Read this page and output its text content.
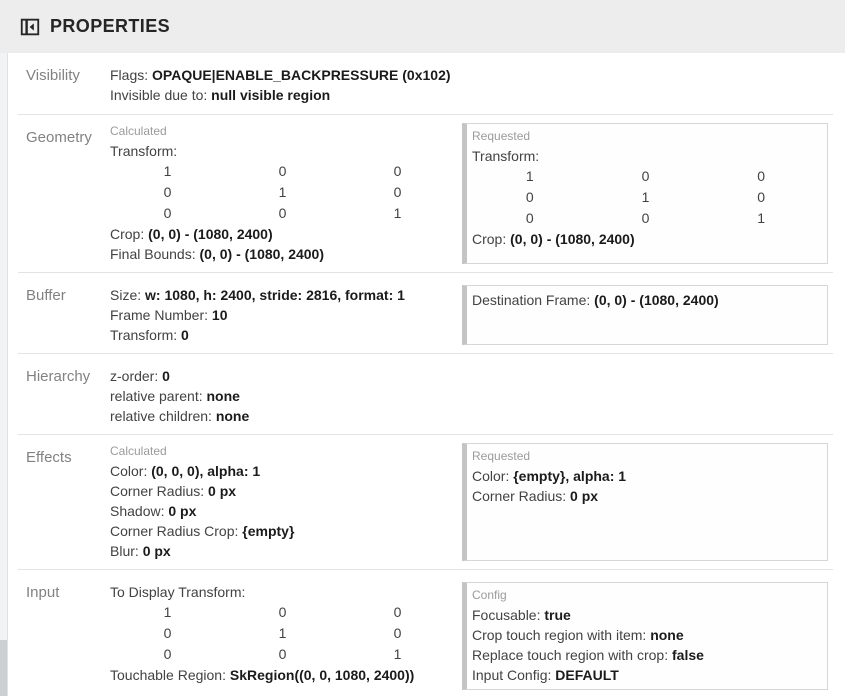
PROPERTIES
Visibility	Flags: OPAQUE|ENABLE_BACKPRESSURE (0x102)
Invisible due to: null visible region
Geometry	Calculated
Transform:
1	0	0
0	1	0
0	0	1
Crop: (0, 0) - (1080, 2400)
Final Bounds: (0, 0) - (1080, 2400)
Requested
Transform:
1	0	0
0	1	0
0	0	1
Crop: (0, 0) - (1080, 2400)
Buffer	Size: w: 1080, h: 2400, stride: 2816, format: 1
Frame Number: 10
Transform: 0
Destination Frame: (0, 0) - (1080, 2400)
Hierarchy	z-order: 0
relative parent: none
relative children: none
Effects	Calculated
Color: (0, 0, 0), alpha: 1
Corner Radius: 0 px
Shadow: 0 px
Corner Radius Crop: {empty}
Blur: 0 px
Requested
Color: {empty}, alpha: 1
Corner Radius: 0 px
Input	To Display Transform:
1	0	0
0	1	0
0	0	1
Touchable Region: SkRegion((0, 0, 1080, 2400))
Config
Focusable: true
Crop touch region with item: none
Replace touch region with crop: false
Input Config: DEFAULT
